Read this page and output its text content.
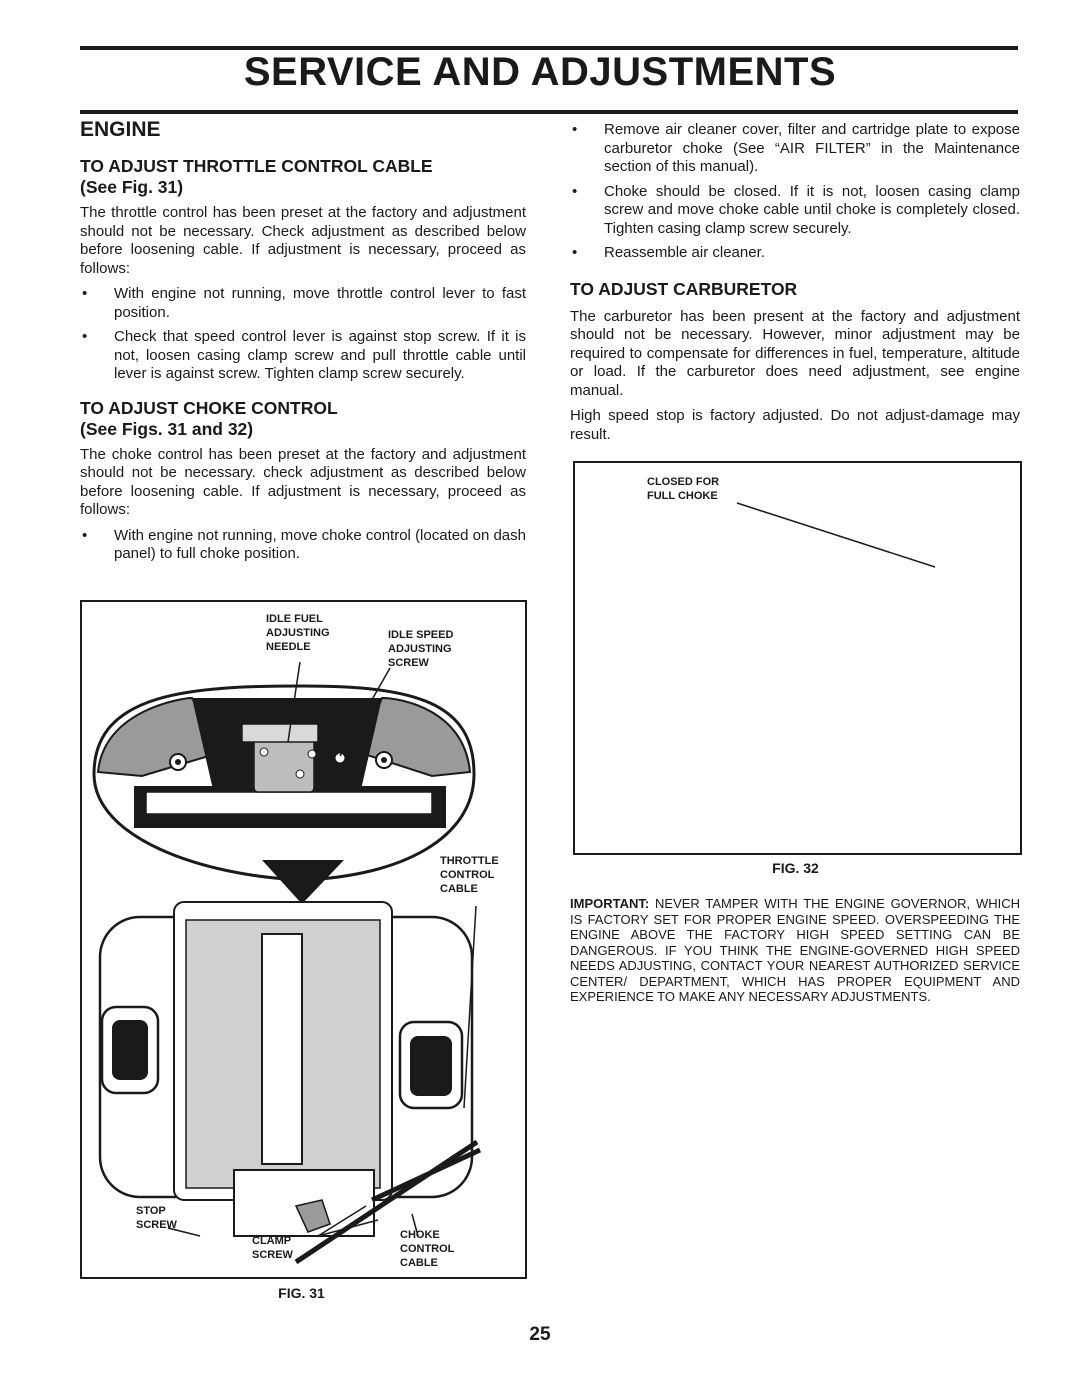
SERVICE AND ADJUSTMENTS
ENGINE
TO ADJUST THROTTLE CONTROL CABLE
(See Fig. 31)

The throttle control has been preset at the factory and adjustment should not be necessary. Check adjustment as described below before loosening cable. If adjustment is necessary, proceed as follows:

• With engine not running, move throttle control lever to fast position.
• Check that speed control lever is against stop screw. If it is not, loosen casing clamp screw and pull throttle cable until lever is against screw. Tighten clamp screw securely.
TO ADJUST CHOKE CONTROL
(See Figs. 31 and 32)

The choke control has been preset at the factory and adjustment should not be necessary. check adjustment as described below before loosening cable. If adjustment is necessary, proceed as follows:

• With engine not running, move choke control (located on dash panel) to full choke position.
IDLE FUEL
ADJUSTING
NEEDLE
IDLE SPEED
ADJUSTING
SCREW
THROTTLE
CONTROL
CABLE
STOP
SCREW
CLAMP
SCREW
CHOKE
CONTROL
CABLE
FIG. 31
• Remove air cleaner cover, filter and cartridge plate to expose carburetor choke (See “AIR FILTER” in the Maintenance section of this manual).
• Choke should be closed. If it is not, loosen casing clamp screw and move choke cable until choke is completely closed. Tighten casing clamp screw securely.
• Reassemble air cleaner.
TO ADJUST CARBURETOR

The carburetor has been present at the factory and adjustment should not be necessary. However, minor adjustment may be required to compensate for differences in fuel, temperature, altitude or load. If the carburetor does need adjustment, see engine manual.

High speed stop is factory adjusted. Do not adjust-damage may result.

CLOSED FOR
FULL CHOKE
FIG. 32

IMPORTANT: NEVER TAMPER WITH THE ENGINE GOVERNOR, WHICH IS FACTORY SET FOR PROPER ENGINE SPEED. OVERSPEEDING THE ENGINE ABOVE THE FACTORY HIGH SPEED SETTING CAN BE DANGEROUS. IF YOU THINK THE ENGINE-GOVERNED HIGH SPEED NEEDS ADJUSTING, CONTACT YOUR NEAREST AUTHORIZED SERVICE CENTER/ DEPARTMENT, WHICH HAS PROPER EQUIPMENT AND EXPERIENCE TO MAKE ANY NECESSARY ADJUSTMENTS.

25
